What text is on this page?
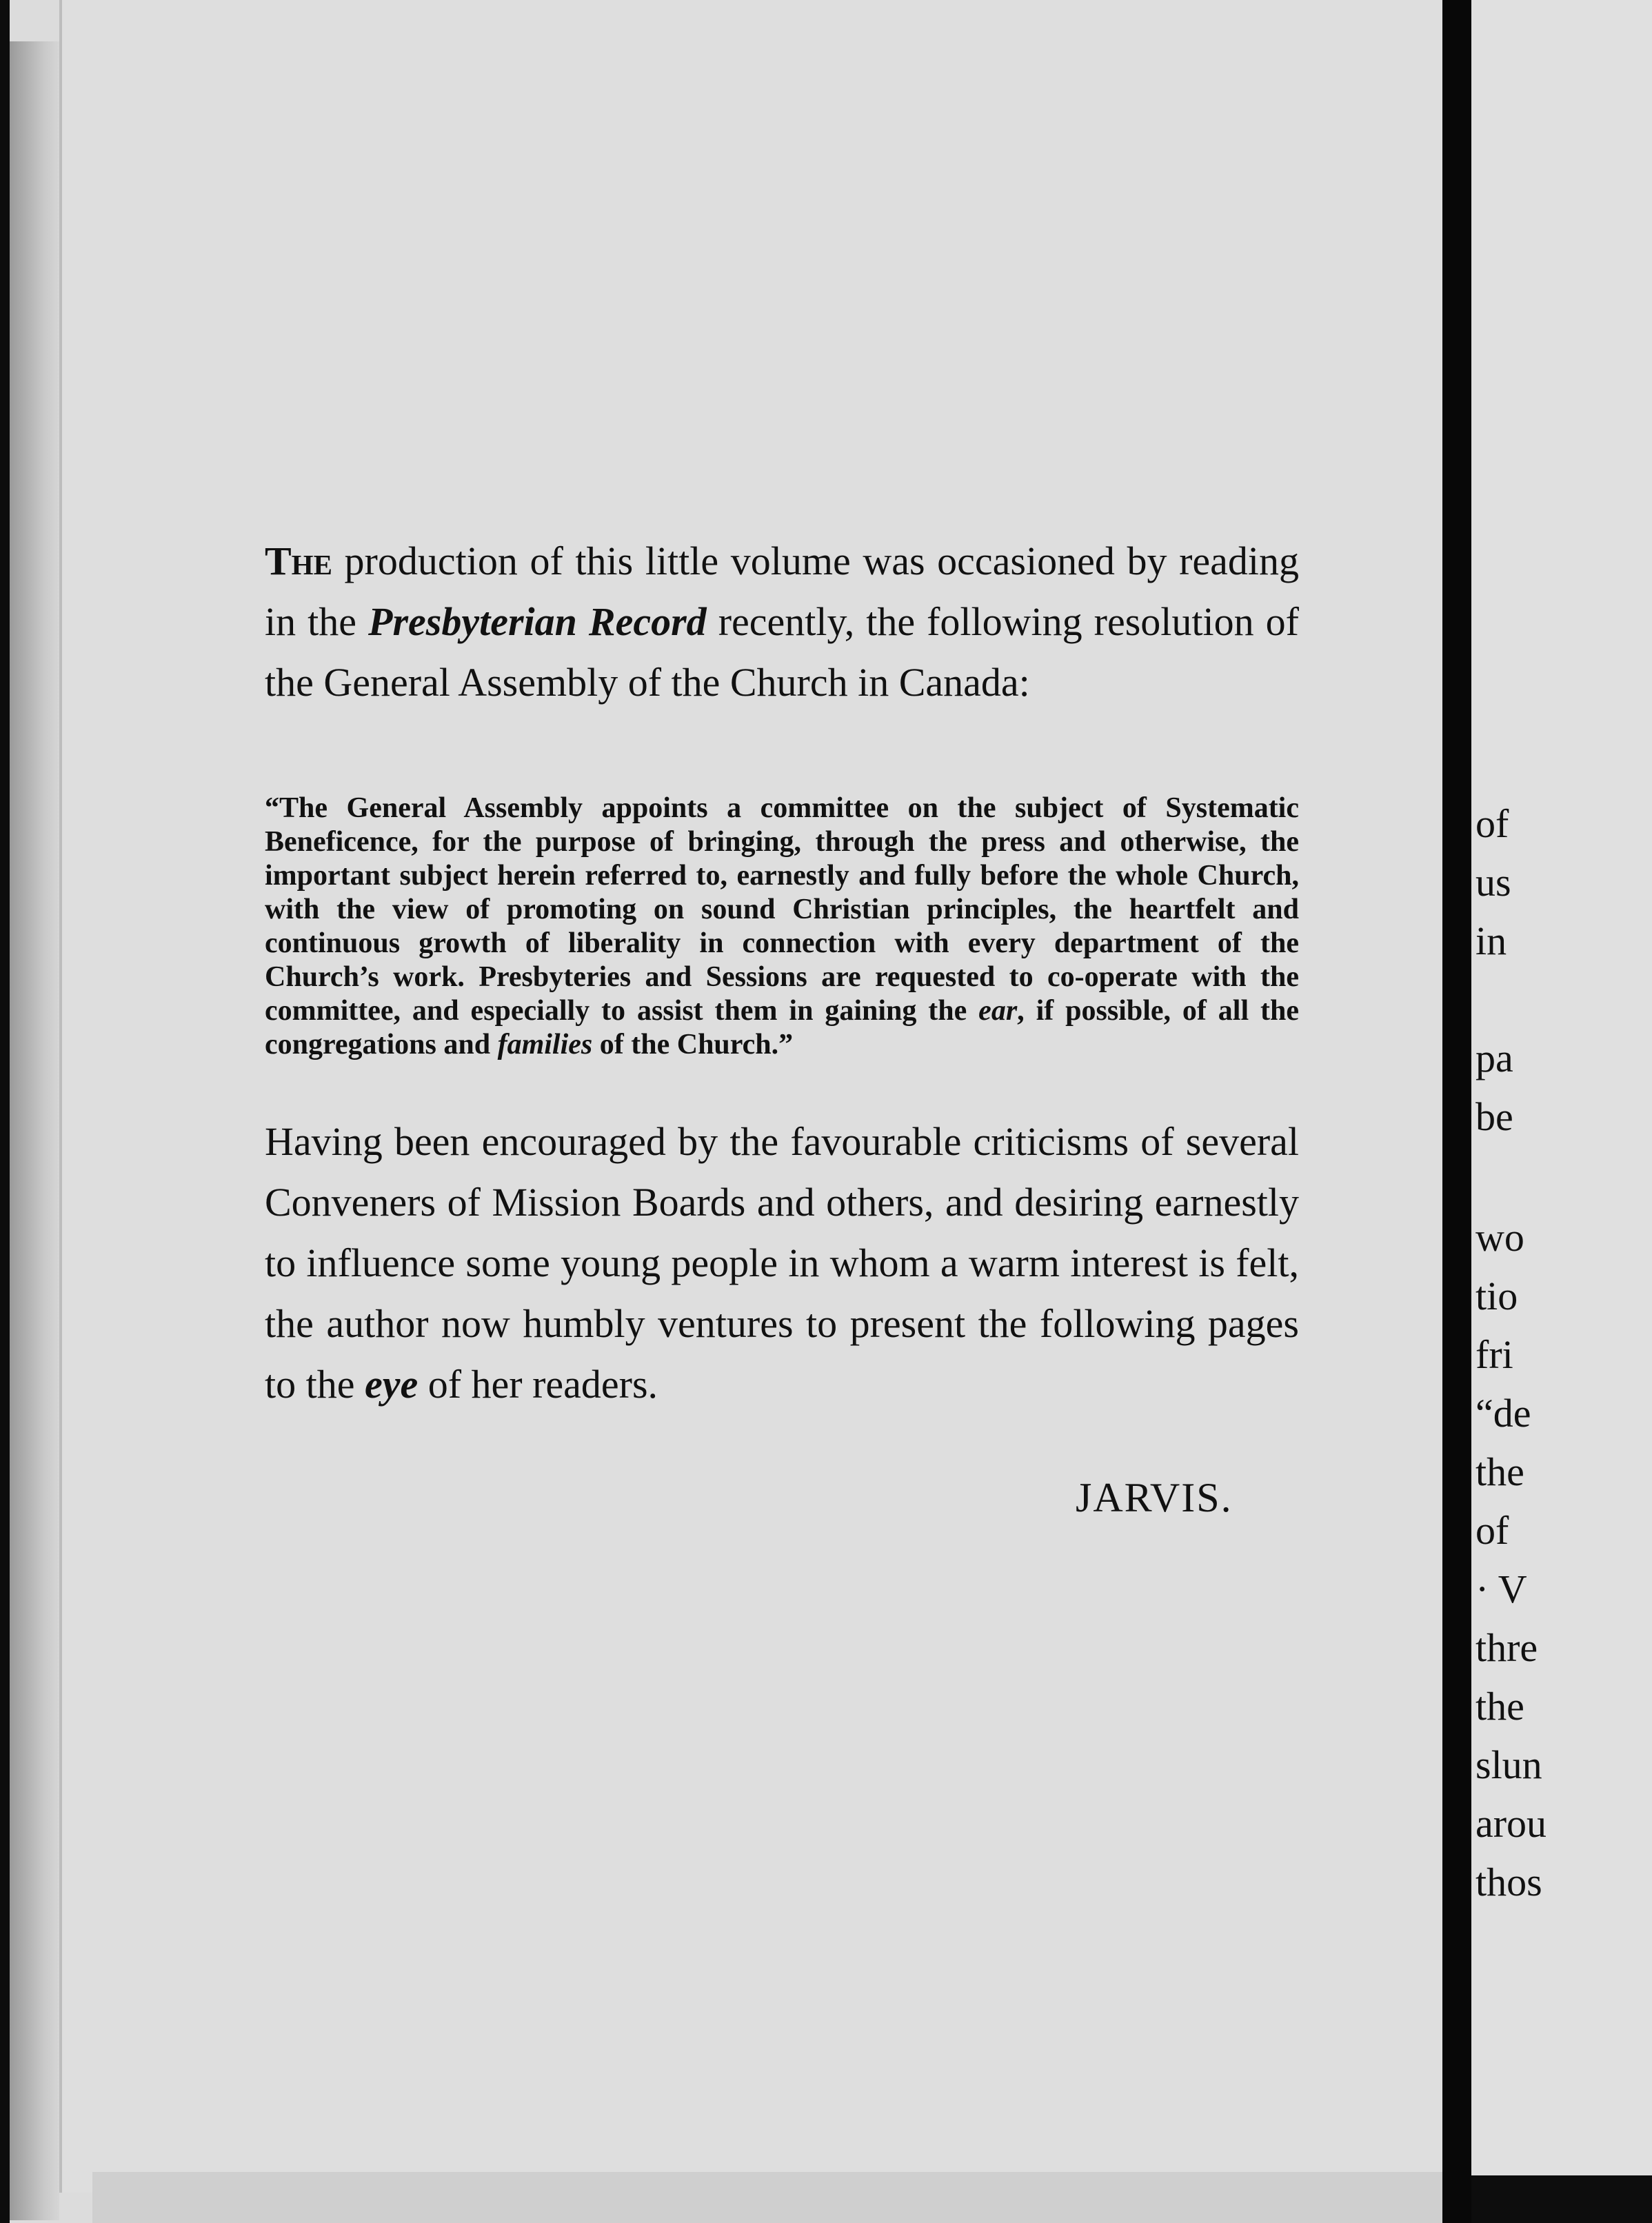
The production of this little volume was occasioned by reading in the Presbyterian Record recently, the following resolution of the General Assembly of the Church in Canada:

“The General Assembly appoints a committee on the subject of Systematic Beneficence, for the purpose of bringing, through the press and otherwise, the important subject herein referred to, earnestly and fully before the whole Church, with the view of promoting on sound Christian principles, the heartfelt and continuous growth of liberality in connection with every department of the Church’s work. Presbyteries and Sessions are requested to co-operate with the committee, and especially to assist them in gaining the ear, if possible, of all the congregations and families of the Church.”

Having been encouraged by the favourable criticisms of several Conveners of Mission Boards and others, and desiring earnestly to influence some young people in whom a warm interest is felt, the author now humbly ventures to present the following pages to the eye of her readers.

JARVIS.

of

us

in

pa

be

wo

tio

fri

“de

the

of

· V

thre

the

slun

arou

thos
